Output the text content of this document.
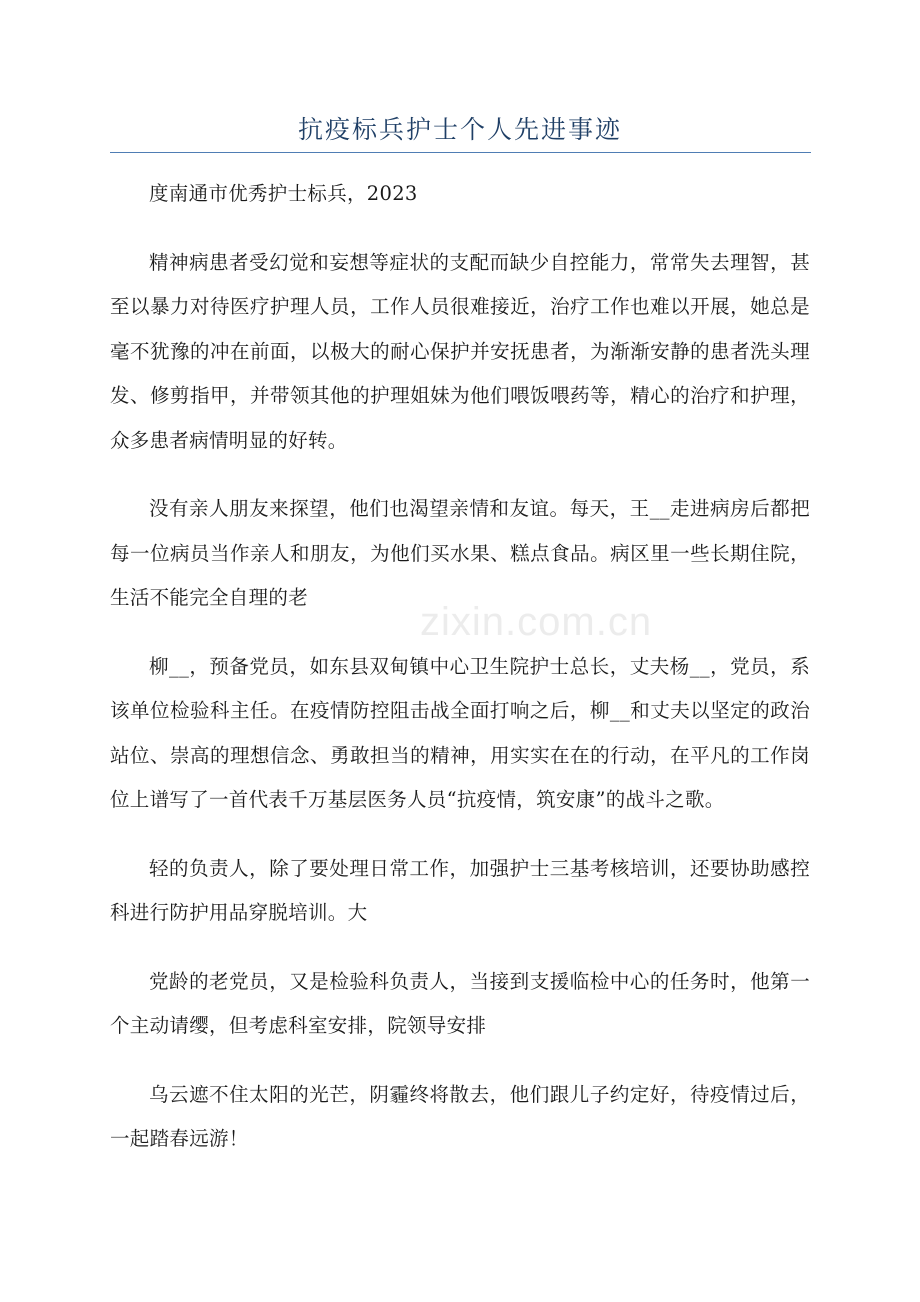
抗疫标兵护士个人先进事迹
zixin.com.cn

度南通市优秀护士标兵，2023

精神病患者受幻觉和妄想等症状的支配而缺少自控能力，常常失去理智，甚至以暴力对待医疗护理人员，工作人员很难接近，治疗工作也难以开展，她总是毫不犹豫的冲在前面，以极大的耐心保护并安抚患者，为渐渐安静的患者洗头理发、修剪指甲，并带领其他的护理姐妹为他们喂饭喂药等，精心的治疗和护理，众多患者病情明显的好转。

没有亲人朋友来探望，他们也渴望亲情和友谊。每天，王__走进病房后都把每一位病员当作亲人和朋友，为他们买水果、糕点食品。病区里一些长期住院，生活不能完全自理的老

柳__，预备党员，如东县双甸镇中心卫生院护士总长，丈夫杨__，党员，系该单位检验科主任。在疫情防控阻击战全面打响之后，柳__和丈夫以坚定的政治站位、崇高的理想信念、勇敢担当的精神，用实实在在的行动，在平凡的工作岗位上谱写了一首代表千万基层医务人员“抗疫情，筑安康”的战斗之歌。

轻的负责人，除了要处理日常工作，加强护士三基考核培训，还要协助感控科进行防护用品穿脱培训。大

党龄的老党员，又是检验科负责人，当接到支援临检中心的任务时，他第一个主动请缨，但考虑科室安排，院领导安排

乌云遮不住太阳的光芒，阴霾终将散去，他们跟儿子约定好，待疫情过后，一起踏春远游！
